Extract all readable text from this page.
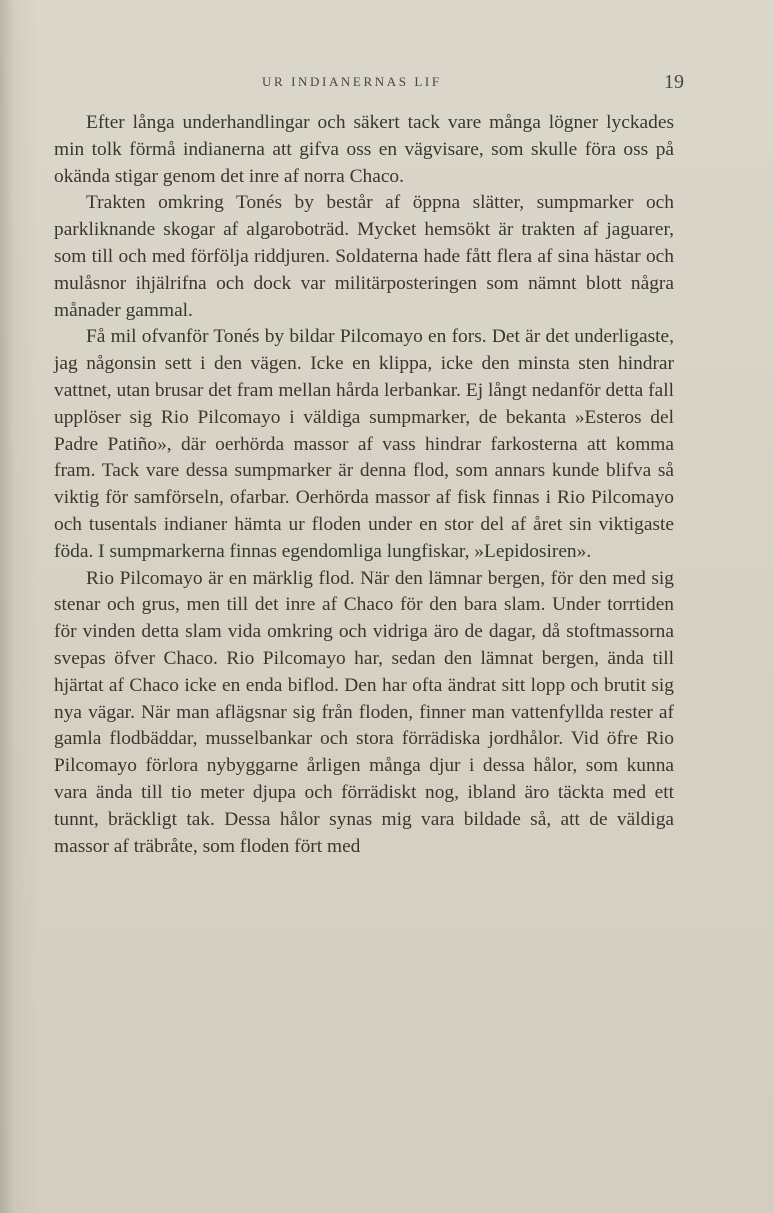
UR INDIANERNAS LIF	19

Efter långa underhandlingar och säkert tack vare många lögner lyckades min tolk förmå indianerna att gifva oss en vägvisare, som skulle föra oss på okända stigar genom det inre af norra Chaco.

Trakten omkring Tonés by består af öppna slätter, sumpmarker och parkliknande skogar af algaroboträd. Mycket hemsökt är trakten af jaguarer, som till och med förfölja riddjuren. Soldaterna hade fått flera af sina hästar och mulåsnor ihjälrifna och dock var militärposteringen som nämnt blott några månader gammal.

Få mil ofvanför Tonés by bildar Pilcomayo en fors. Det är det underligaste, jag någonsin sett i den vägen. Icke en klippa, icke den minsta sten hindrar vattnet, utan brusar det fram mellan hårda lerbankar. Ej långt nedanför detta fall upplöser sig Rio Pilcomayo i väldiga sumpmarker, de bekanta »Esteros del Padre Patiño», där oerhörda massor af vass hindrar farkosterna att komma fram. Tack vare dessa sumpmarker är denna flod, som annars kunde blifva så viktig för samförseln, ofarbar. Oerhörda massor af fisk finnas i Rio Pilcomayo och tusentals indianer hämta ur floden under en stor del af året sin viktigaste föda. I sumpmarkerna finnas egendomliga lungfiskar, »Lepidosiren».

Rio Pilcomayo är en märklig flod. När den lämnar bergen, för den med sig stenar och grus, men till det inre af Chaco för den bara slam. Under torrtiden för vinden detta slam vida omkring och vidriga äro de dagar, då stoftmassorna svepas öfver Chaco. Rio Pilcomayo har, sedan den lämnat bergen, ända till hjärtat af Chaco icke en enda biflod. Den har ofta ändrat sitt lopp och brutit sig nya vägar. När man aflägsnar sig från floden, finner man vattenfyllda rester af gamla flodbäddar, musselbankar och stora förrädiska jordhålor. Vid öfre Rio Pilcomayo förlora nybyggarne årligen många djur i dessa hålor, som kunna vara ända till tio meter djupa och förrädiskt nog, ibland äro täckta med ett tunnt, bräckligt tak. Dessa hålor synas mig vara bildade så, att de väldiga massor af träbråte, som floden fört med
